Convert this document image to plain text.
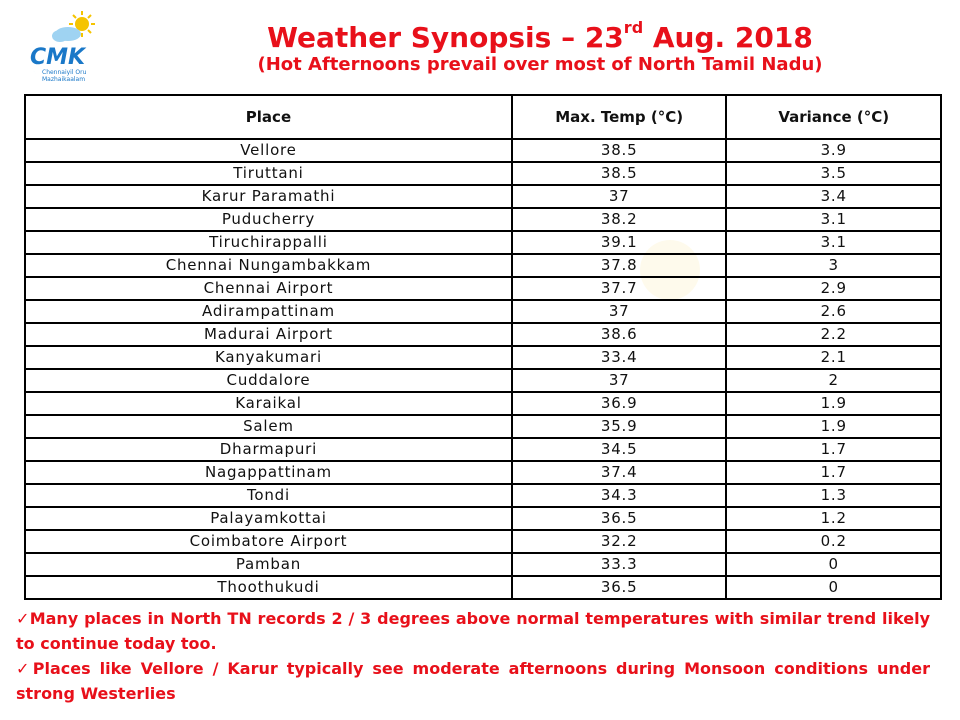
CMK
Chennaiyil Oru
Mazhaikaalam
Weather Synopsis – 23rd Aug. 2018
(Hot Afternoons prevail over most of North Tamil Nadu)
Place	Max. Temp (°C)	Variance (°C)
Vellore	38.5	3.9
Tiruttani	38.5	3.5
Karur Paramathi	37	3.4
Puducherry	38.2	3.1
Tiruchirappalli	39.1	3.1
Chennai Nungambakkam	37.8	3
Chennai Airport	37.7	2.9
Adirampattinam	37	2.6
Madurai Airport	38.6	2.2
Kanyakumari	33.4	2.1
Cuddalore	37	2
Karaikal	36.9	1.9
Salem	35.9	1.9
Dharmapuri	34.5	1.7
Nagappattinam	37.4	1.7
Tondi	34.3	1.3
Palayamkottai	36.5	1.2
Coimbatore Airport	32.2	0.2
Pamban	33.3	0
Thoothukudi	36.5	0

✓Many places in North TN records 2 / 3 degrees above normal temperatures with similar trend likely to continue today too.

✓Places like Vellore / Karur typically see moderate afternoons during Monsoon conditions under strong Westerlies
